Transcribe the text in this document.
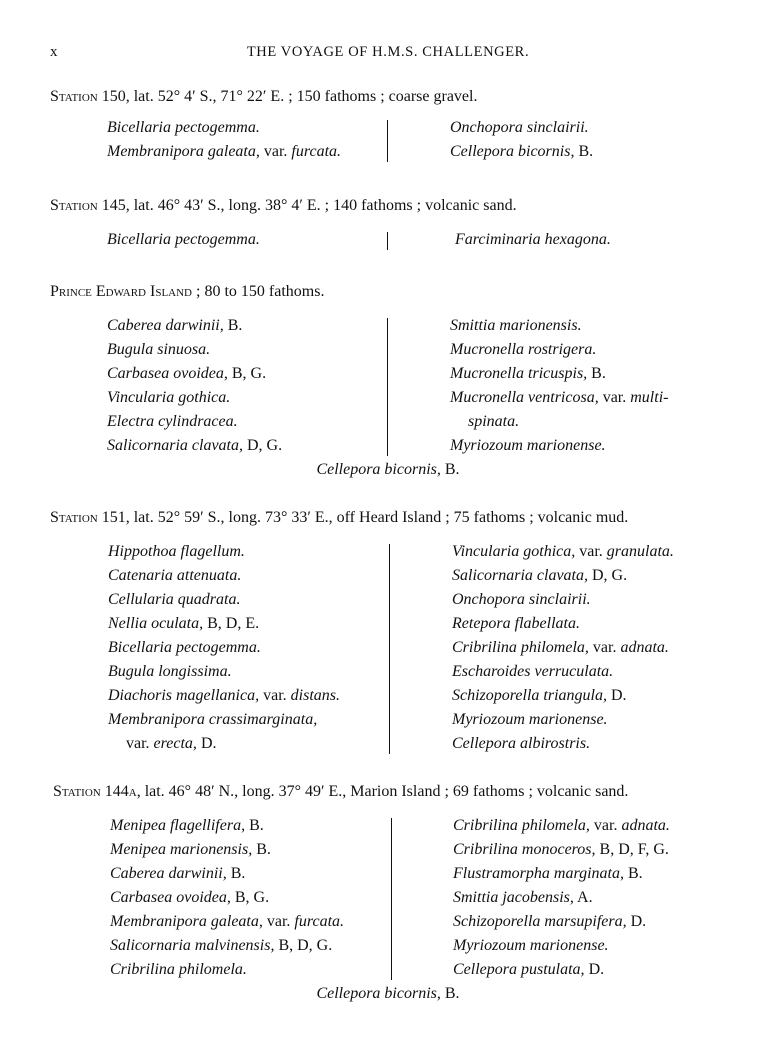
x	THE VOYAGE OF H.M.S. CHALLENGER.
Station 150, lat. 52° 4′ S., 71° 22′ E. ; 150 fathoms ; coarse gravel.
Bicellaria pectogemma.
Membranipora galeata, var. furcata.
Onchopora sinclairii.
Cellepora bicornis, B.
Station 145, lat. 46° 43′ S., long. 38° 4′ E. ; 140 fathoms ; volcanic sand.
Bicellaria pectogemma.	Farciminaria hexagona.
Prince Edward Island ; 80 to 150 fathoms.
Caberea darwinii, B.
Bugula sinuosa.
Carbasea ovoidea, B, G.
Vincularia gothica.
Electra cylindracea.
Salicornaria clavata, D, G.
Smittia marionensis.
Mucronella rostrigera.
Mucronella tricuspis, B.
Mucronella ventricosa, var. multi-
spinata.
Myriozoum marionense.
Cellepora bicornis, B.
Station 151, lat. 52° 59′ S., long. 73° 33′ E., off Heard Island ; 75 fathoms ; volcanic mud.
Hippothoa flagellum.
Catenaria attenuata.
Cellularia quadrata.
Nellia oculata, B, D, E.
Bicellaria pectogemma.
Bugula longissima.
Diachoris magellanica, var. distans.
Membranipora crassimarginata,
var. erecta, D.
Vincularia gothica, var. granulata.
Salicornaria clavata, D, G.
Onchopora sinclairii.
Retepora flabellata.
Cribrilina philomela, var. adnata.
Escharoides verruculata.
Schizoporella triangula, D.
Myriozoum marionense.
Cellepora albirostris.
Station 144a, lat. 46° 48′ N., long. 37° 49′ E., Marion Island ; 69 fathoms ; volcanic sand.
Menipea flagellifera, B.
Menipea marionensis, B.
Caberea darwinii, B.
Carbasea ovoidea, B, G.
Membranipora galeata, var. furcata.
Salicornaria malvinensis, B, D, G.
Cribrilina philomela.
Cribrilina philomela, var. adnata.
Cribrilina monoceros, B, D, F, G.
Flustramorpha marginata, B.
Smittia jacobensis, A.
Schizoporella marsupifera, D.
Myriozoum marionense.
Cellepora pustulata, D.
Cellepora bicornis, B.
